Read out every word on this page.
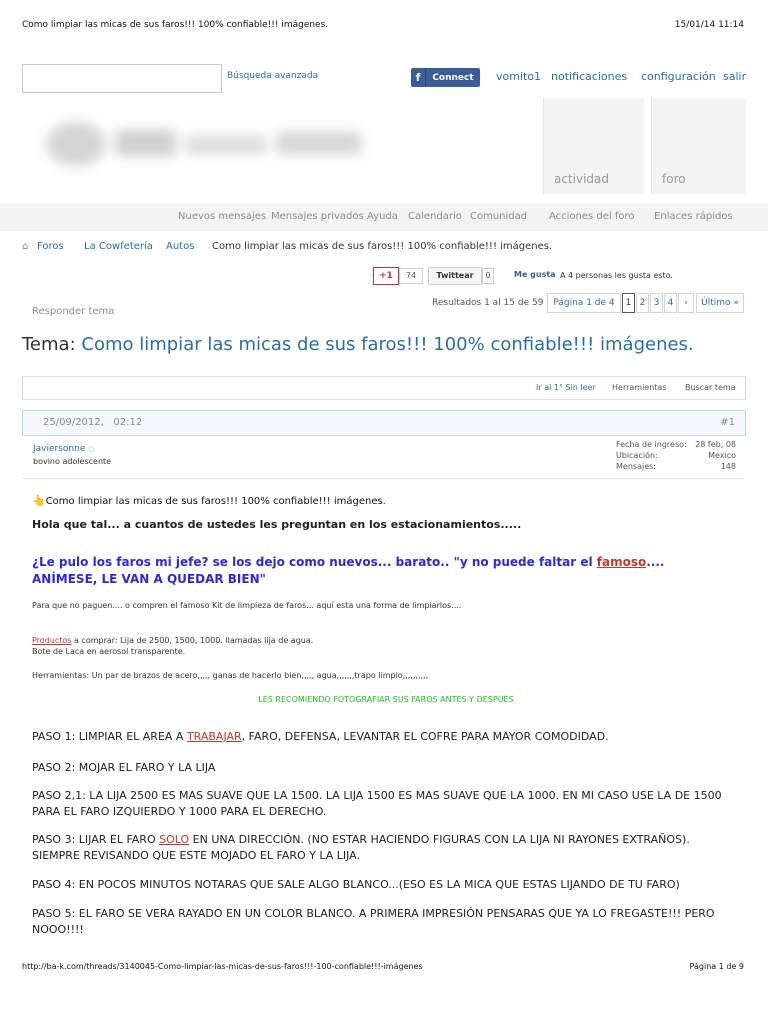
Como limpiar las micas de sus faros!!! 100% confiable!!! imágenes.	15/01/14 11:14
Búsqueda avanzada	f	Connect	vomito1 notificaciones configuración salir
actividad	foro
Nuevos mensajes Mensajes privados Ayuda Calendario Comunidad Acciones del foro Enlaces rápidos
⌂ Foros La Cowfetería Autos Como limpiar las micas de sus faros!!! 100% confiable!!! imágenes.
+1	74	Twittear	0	Me gusta A 4 personas les gusta esto.
Responder tema
Resultados 1 al 15 de 59	Página 1 de 4	1 2 3 4	›	Último »
Tema: Como limpiar las micas de sus faros!!! 100% confiable!!! imágenes.
Ir al 1° Sin leer Herramientas Buscar tema
25/09/2012, 02:12	#1
Javiersonne ○
bovino adolescente
Fecha de ingreso: 28 feb, 08
Ubicación:	Mexico
Mensajes:	148
👆Como limpiar las micas de sus faros!!! 100% confiable!!! imágenes.
Hola que tal... a cuantos de ustedes les preguntan en los estacionamientos.....
¿Le pulo los faros mi jefe? se los dejo como nuevos... barato.. "y no puede faltar el famoso.... ANÍMESE, LE VAN A QUEDAR BIEN"
Para que no paguen.... o compren el famoso Kit de limpieza de faros... aquí esta una forma de limpiarlos....
Productos a comprar: Lija de 2500, 1500, 1000. llamadas lija de agua.
Bote de Laca en aerosol transparente.
Herramientas: Un par de brazos de acero,,,,, ganas de hacerlo bien,,,,, agua,,,,,,,trapo limpio,,,,,,,,,,
LES RECOMIENDO FOTOGRAFIAR SUS FAROS ANTES Y DESPUÉS
PASO 1: LIMPIAR EL AREA A TRABAJAR, FARO, DEFENSA, LEVANTAR EL COFRE PARA MAYOR COMODIDAD.
PASO 2: MOJAR EL FARO Y LA LIJA
PASO 2,1: LA LIJA 2500 ES MAS SUAVE QUE LA 1500. LA LIJA 1500 ES MAS SUAVE QUE LA 1000. EN MI CASO USE LA DE 1500 PARA EL FARO IZQUIERDO Y 1000 PARA EL DERECHO.
PASO 3: LIJAR EL FARO SOLO EN UNA DIRECCIÓN. (NO ESTAR HACIENDO FIGURAS CON LA LIJA NI RAYONES EXTRAÑOS). SIEMPRE REVISANDO QUE ESTE MOJADO EL FARO Y LA LIJA.
PASO 4: EN POCOS MINUTOS NOTARAS QUE SALE ALGO BLANCO...(ESO ES LA MICA QUE ESTAS LIJANDO DE TU FARO)
PASO 5: EL FARO SE VERA RAYADO EN UN COLOR BLANCO. A PRIMERA IMPRESIÓN PENSARAS QUE YA LO FREGASTE!!! PERO NOOO!!!!
http://ba-k.com/threads/3140045-Como-limpiar-las-micas-de-sus-faros!!!-100-confiable!!!-imágenes	Página 1 de 9
